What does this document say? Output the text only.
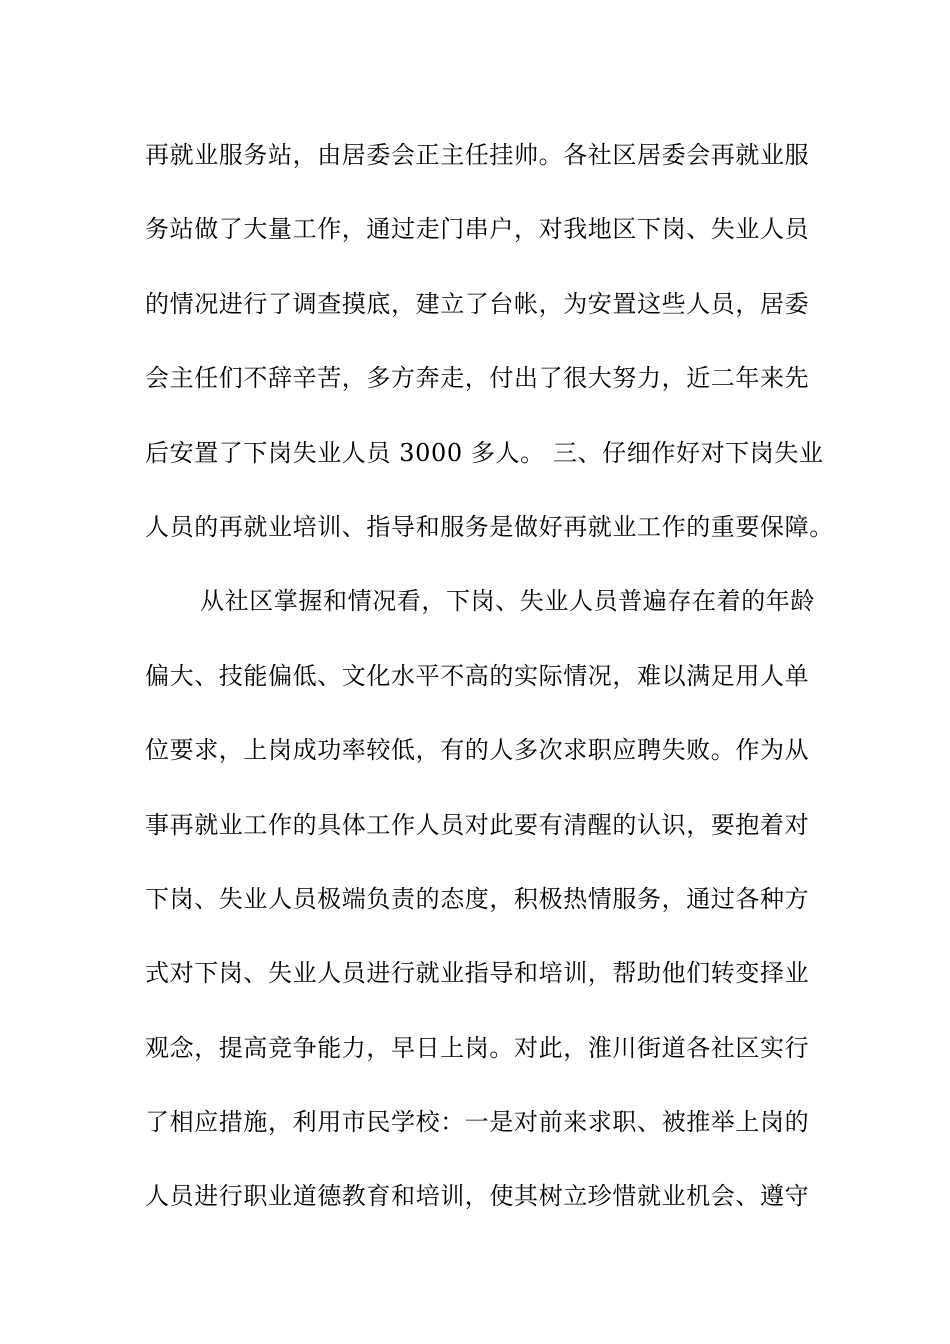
再就业服务站，由居委会正主任挂帅。各社区居委会再就业服
务站做了大量工作，通过走门串户，对我地区下岗、失业人员
的情况进行了调查摸底，建立了台帐，为安置这些人员，居委
会主任们不辞辛苦，多方奔走，付出了很大努力，近二年来先
后安置了下岗失业人员 3000 多人。 三、仔细作好对下岗失业
人员的再就业培训、指导和服务是做好再就业工作的重要保障。
从社区掌握和情况看，下岗、失业人员普遍存在着的年龄
偏大、技能偏低、文化水平不高的实际情况，难以满足用人单
位要求，上岗成功率较低，有的人多次求职应聘失败。作为从
事再就业工作的具体工作人员对此要有清醒的认识，要抱着对
下岗、失业人员极端负责的态度，积极热情服务，通过各种方
式对下岗、失业人员进行就业指导和培训，帮助他们转变择业
观念，提高竞争能力，早日上岗。对此，淮川街道各社区实行
了相应措施，利用市民学校：一是对前来求职、被推举上岗的
人员进行职业道德教育和培训，使其树立珍惜就业机会、遵守
